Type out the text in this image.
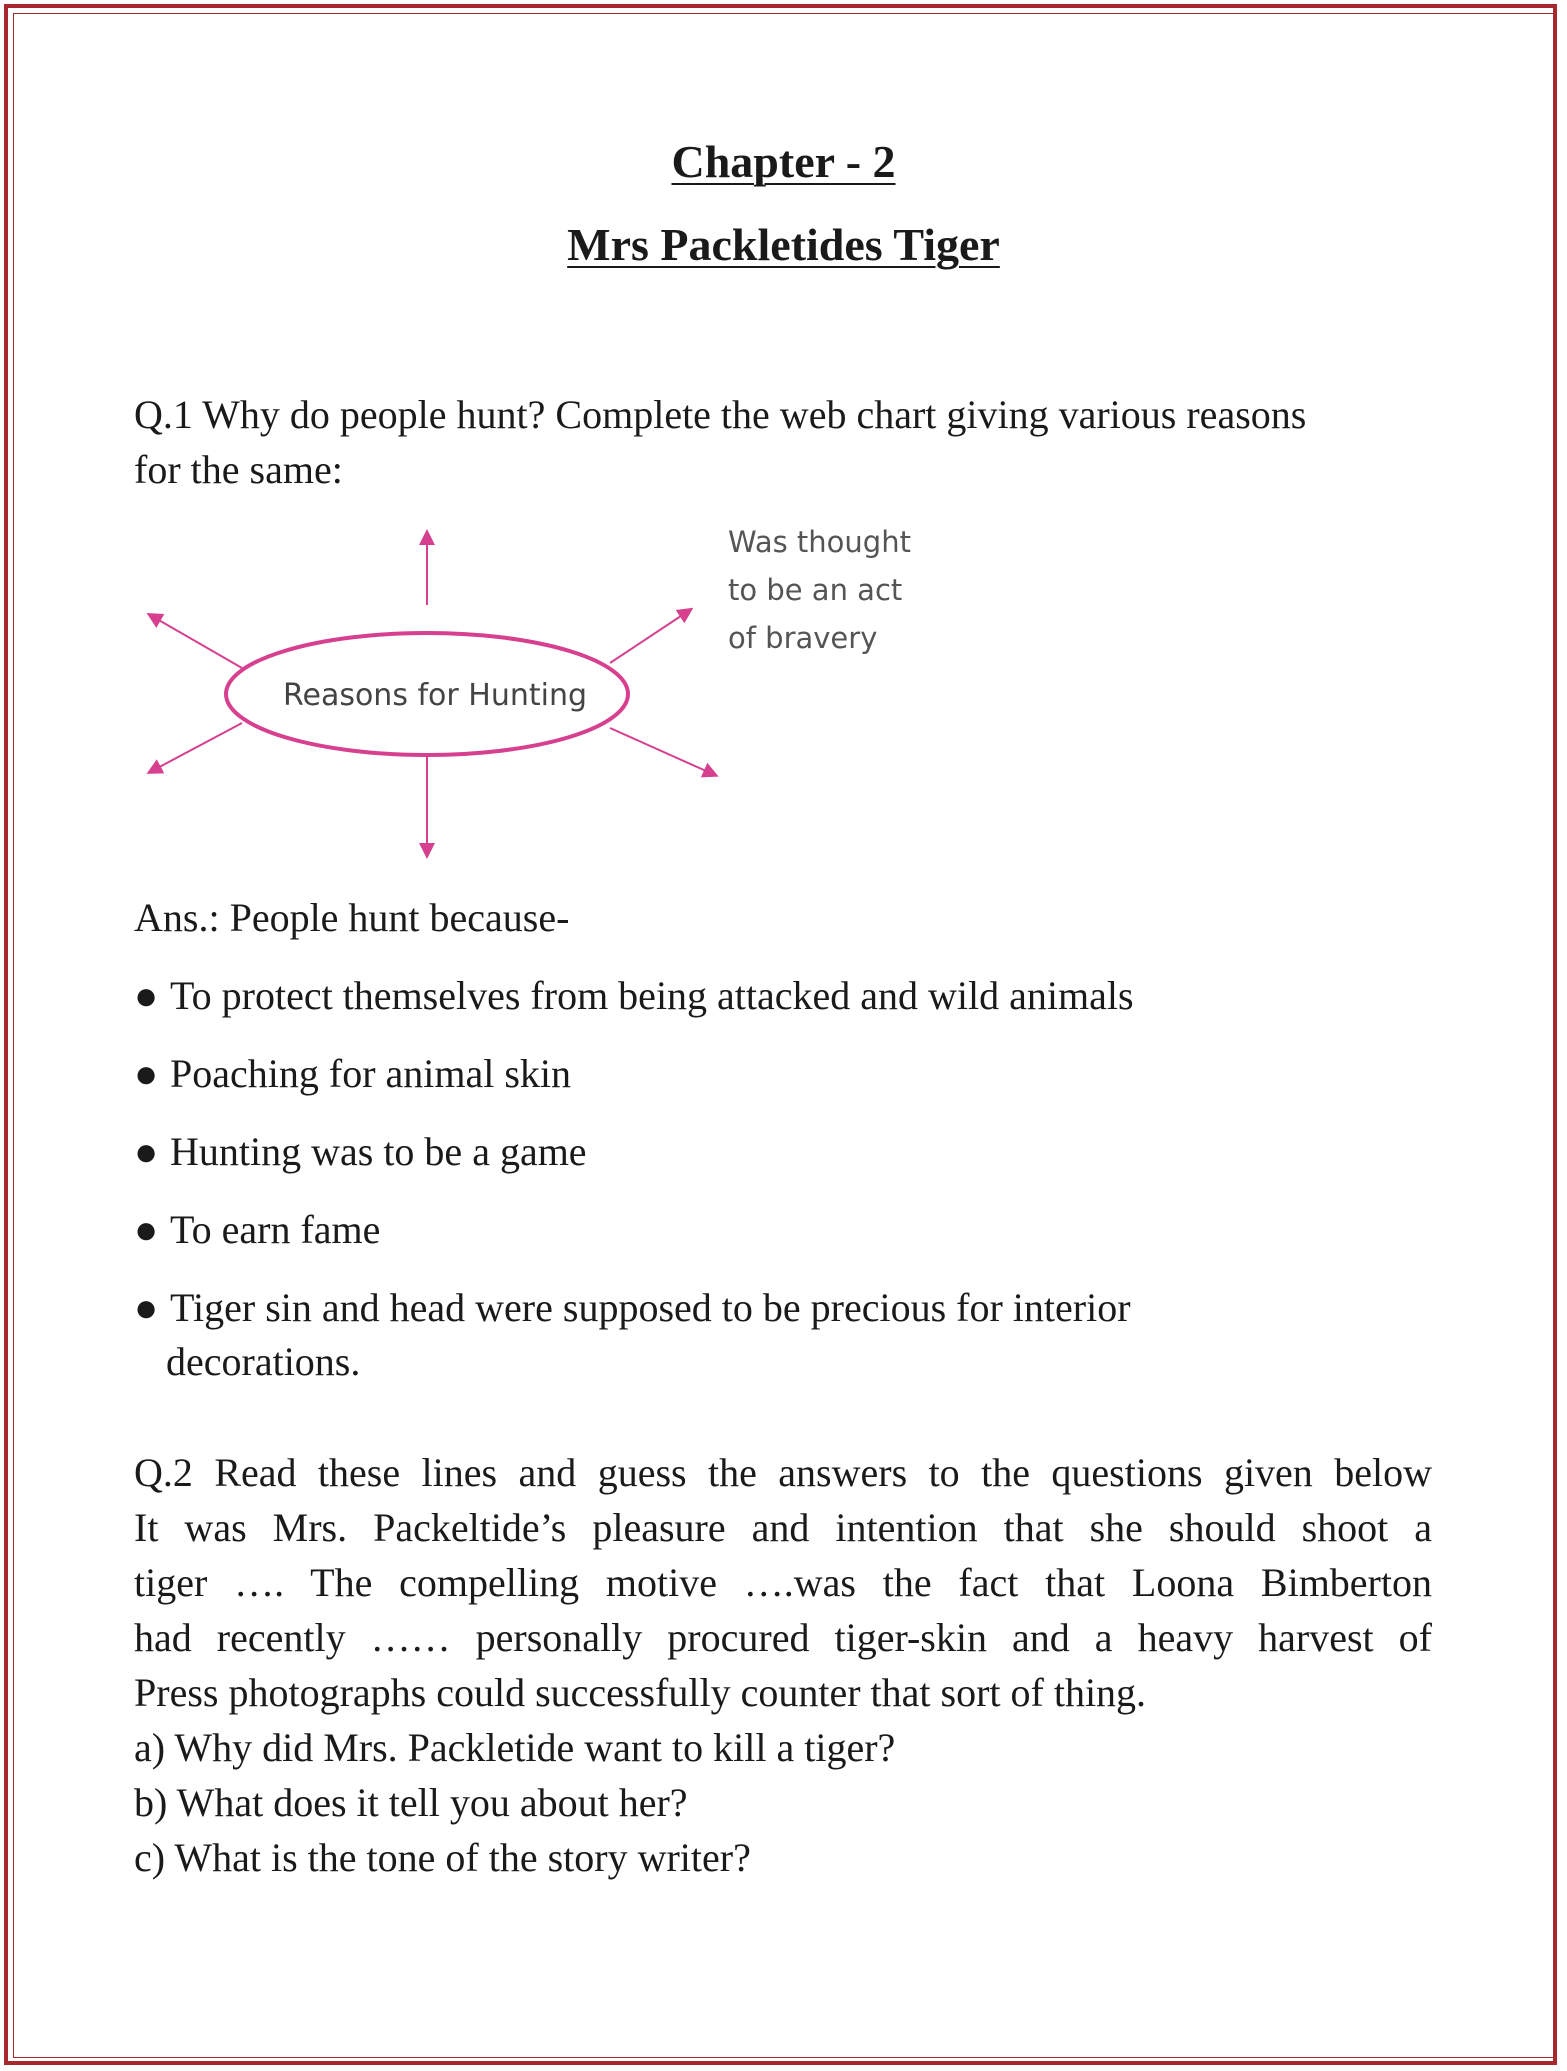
Chapter - 2
Mrs Packletides Tiger

Q.1 Why do people hunt? Complete the web chart giving various reasons

for the same:

Reasons for Hunting

Was thought

to be an act

of bravery

Ans.: People hunt because-

● To protect themselves from being attacked and wild animals

● Poaching for animal skin

● Hunting was to be a game

● To earn fame

● Tiger sin and head were supposed to be precious for interior

decorations.

Q.2 Read these lines and guess the answers to the questions given below

It was Mrs. Packeltide’s pleasure and intention that she should shoot a

tiger …. The compelling motive ….was the fact that Loona Bimberton

had recently …… personally procured tiger-skin and a heavy harvest of

Press photographs could successfully counter that sort of thing.

a) Why did Mrs. Packletide want to kill a tiger?

b) What does it tell you about her?

c) What is the tone of the story writer?
